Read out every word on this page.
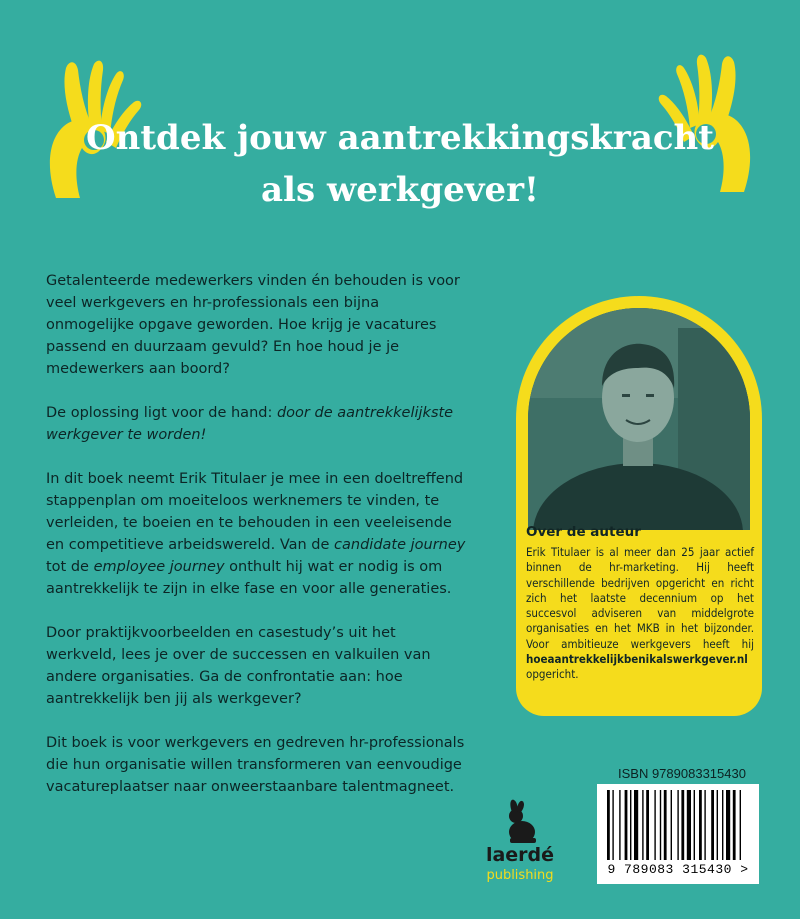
Ontdek jouw aantrekkingskracht
als werkgever!

Getalenteerde medewerkers vinden én behouden is voor veel werkgevers en hr-professionals een bijna onmogelijke opgave geworden. Hoe krijg je vacatures passend en duurzaam gevuld? En hoe houd je je medewerkers aan boord?

De oplossing ligt voor de hand: door de aantrekkelijkste werkgever te worden!

In dit boek neemt Erik Titulaer je mee in een doeltreffend stappenplan om moeiteloos werknemers te vinden, te verleiden, te boeien en te behouden in een veeleisende en competitieve arbeidswereld. Van de candidate journey tot de employee journey onthult hij wat er nodig is om aantrekkelijk te zijn in elke fase en voor alle generaties.

Door praktijkvoorbeelden en casestudy’s uit het werkveld, lees je over de successen en valkuilen van andere organisaties. Ga de confrontatie aan: hoe aantrekkelijk ben jij als werkgever?

Dit boek is voor werkgevers en gedreven hr-professionals die hun organisatie willen transformeren van eenvoudige vacatureplaatser naar onweerstaanbare talentmagneet.

Over de auteur
Erik Titulaer is al meer dan 25 jaar actief binnen de hr-marketing. Hij heeft verschillende bedrijven opgericht en richt zich het laatste decennium op het succesvol adviseren van middelgrote organisaties en het MKB in het bijzonder. Voor ambitieuze werkgevers heeft hij hoeaantrekkelijkbenikalswerkgever.nl opgericht.
ISBN 9789083315430
9 789083 315430 >
laerdé
publishing
